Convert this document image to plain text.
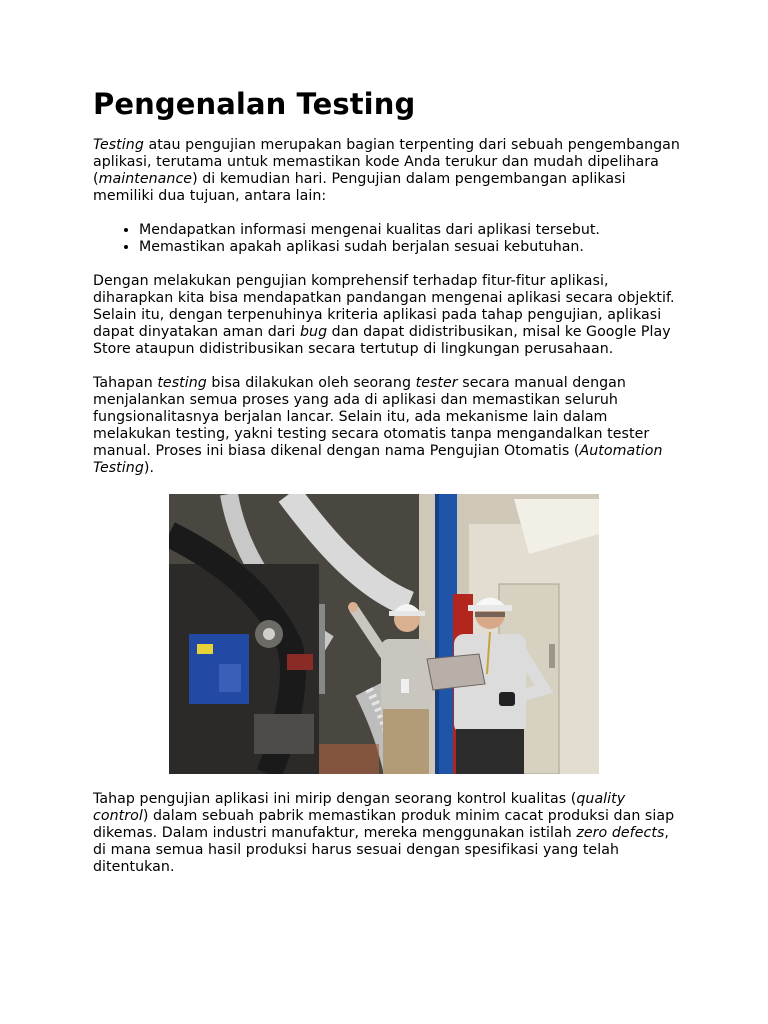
Pengenalan Testing

Testing atau pengujian merupakan bagian terpenting dari sebuah pengembangan aplikasi, terutama untuk memastikan kode Anda terukur dan mudah dipelihara (maintenance) di kemudian hari. Pengujian dalam pengembangan aplikasi memiliki dua tujuan, antara lain:

• Mendapatkan informasi mengenai kualitas dari aplikasi tersebut.
• Memastikan apakah aplikasi sudah berjalan sesuai kebutuhan.

Dengan melakukan pengujian komprehensif terhadap fitur-fitur aplikasi, diharapkan kita bisa mendapatkan pandangan mengenai aplikasi secara objektif. Selain itu, dengan terpenuhinya kriteria aplikasi pada tahap pengujian, aplikasi dapat dinyatakan aman dari bug dan dapat didistribusikan, misal ke Google Play Store ataupun didistribusikan secara tertutup di lingkungan perusahaan.

Tahapan testing bisa dilakukan oleh seorang tester secara manual dengan menjalankan semua proses yang ada di aplikasi dan memastikan seluruh fungsionalitasnya berjalan lancar. Selain itu, ada mekanisme lain dalam melakukan testing, yakni testing secara otomatis tanpa mengandalkan tester manual. Proses ini biasa dikenal dengan nama Pengujian Otomatis (Automation Testing).

Tahap pengujian aplikasi ini mirip dengan seorang kontrol kualitas (quality control) dalam sebuah pabrik memastikan produk minim cacat produksi dan siap dikemas. Dalam industri manufaktur, mereka menggunakan istilah zero defects, di mana semua hasil produksi harus sesuai dengan spesifikasi yang telah ditentukan.
